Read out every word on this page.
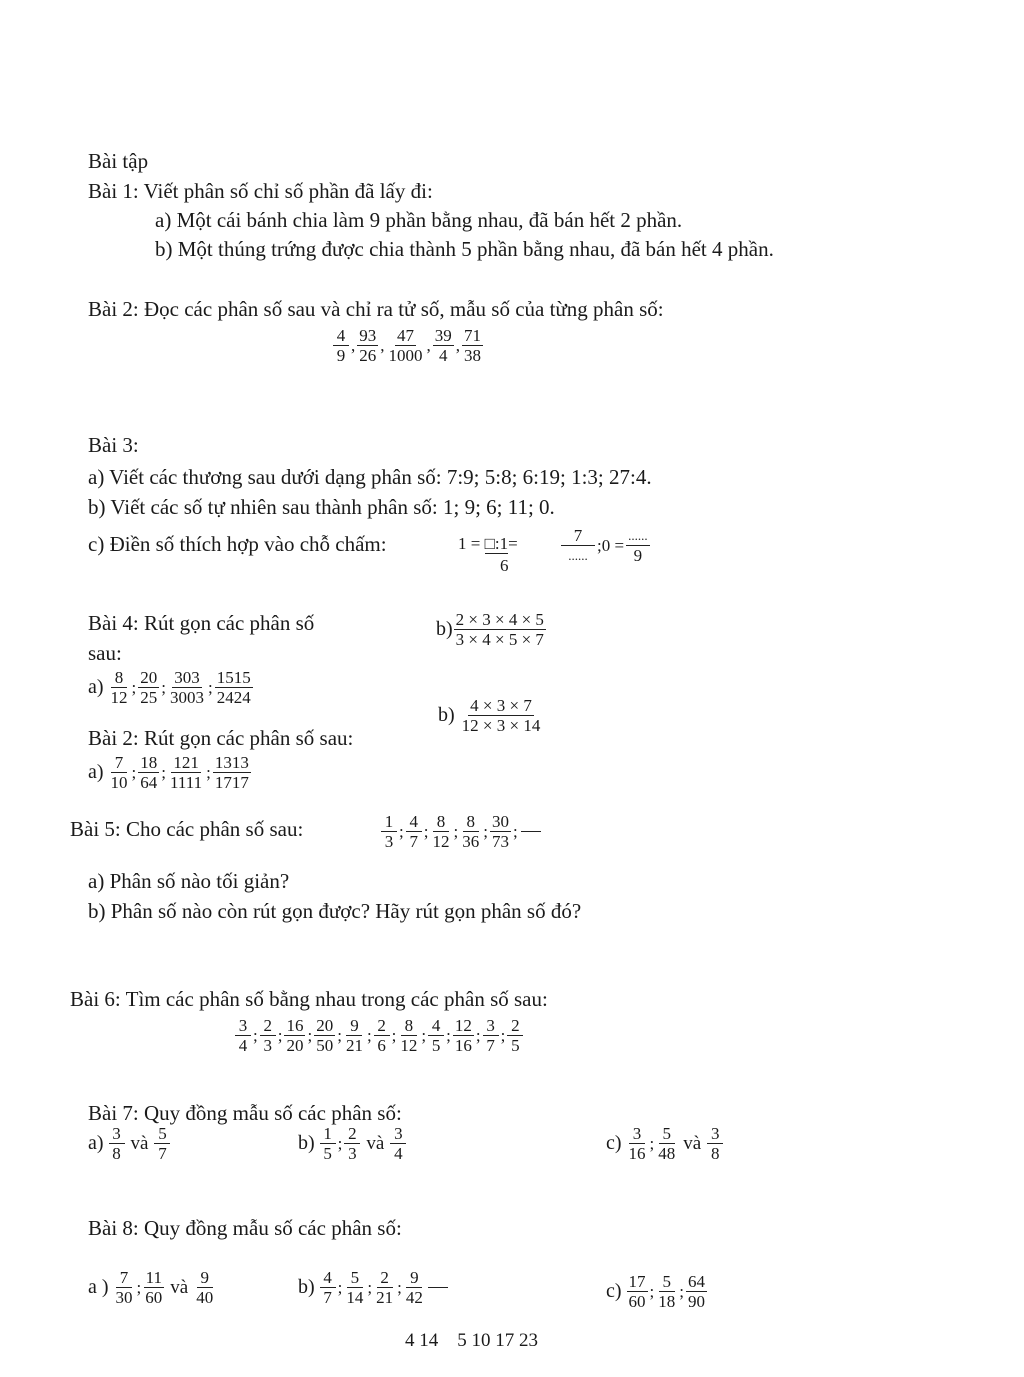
Bài tập
Bài 1: Viết phân số chỉ số phần đã lấy đi:
a) Một cái bánh chia làm 9 phần bằng nhau, đã bán hết 2 phần.
b) Một thúng trứng được chia thành 5 phần bằng nhau, đã bán hết 4 phần.
Bài 2: Đọc các phân số sau và chỉ ra tử số, mẫu số của từng phân số:
$\frac{4}{9}$ , $\frac{93}{26}$ , $\frac{47}{1000}$ , $\frac{39}{4}$ , $\frac{71}{38}$
Bài 3:
a) Viết các thương sau dưới dạng phân số: 7:9; 5:8; 6:19; 1:3; 27:4.
b) Viết các số tự nhiên sau thành phân số: 1; 9; 6; 11; 0.
c) Điền số thích hợp vào chỗ chấm:	1 = □:1=
6
7
......
;0 = ......
9
Bài 4: Rút gọn các phân số
sau:
$b) \frac{2 \times 3 \times 4 \times 5}{3 \times 4 \times 5 \times 7}$
$a) \frac{8}{12}$ ; $\frac{20}{25}$ ; $\frac{303}{3003}$ ; $\frac{1515}{2424}$
$b) \frac{4 \times 3 \times 7}{12 \times 3 \times 14}$
Bài 2: Rút gọn các phân số sau:
$a) \frac{7}{10}$ ; $\frac{18}{64}$ ; $\frac{121}{1111}$ ; $\frac{1313}{1717}$
Bài 5: Cho các phân số sau:	$\frac{1}{3}$ ; $\frac{4}{7}$ ; $\frac{8}{12}$ ; $\frac{8}{36}$ ; $\frac{30}{73}$ ;
a) Phân số nào tối giản?
b) Phân số nào còn rút gọn được? Hãy rút gọn phân số đó?
Bài 6: Tìm các phân số bằng nhau trong các phân số sau:
$\frac{3}{4}$ ; $\frac{2}{3}$ ; $\frac{16}{20}$ ; $\frac{20}{50}$ ; $\frac{9}{21}$ ; $\frac{2}{6}$ ; $\frac{8}{12}$ ; $\frac{4}{5}$ ; $\frac{12}{16}$ ; $\frac{3}{7}$ ; $\frac{2}{5}$
Bài 7: Quy đồng mẫu số các phân số:
$a) \frac{3}{8}$ và $\frac{5}{7}$	$b) \frac{1}{5}$ ; $\frac{2}{3}$ và $\frac{3}{4}$	$c) \frac{3}{16}$ ; $\frac{5}{48}$ và $\frac{3}{8}$
Bài 8: Quy đồng mẫu số các phân số:
a ) $\frac{7}{30}$ ; $\frac{11}{60}$ và $\frac{9}{40}$	$b) \frac{4}{7}$ ; $\frac{5}{14}$ ; $\frac{2}{21}$ ; $\frac{9}{42}$	$c) \frac{17}{60}$ ; $\frac{5}{18}$ ; $\frac{64}{90}$
4 14    5 10 17 23
